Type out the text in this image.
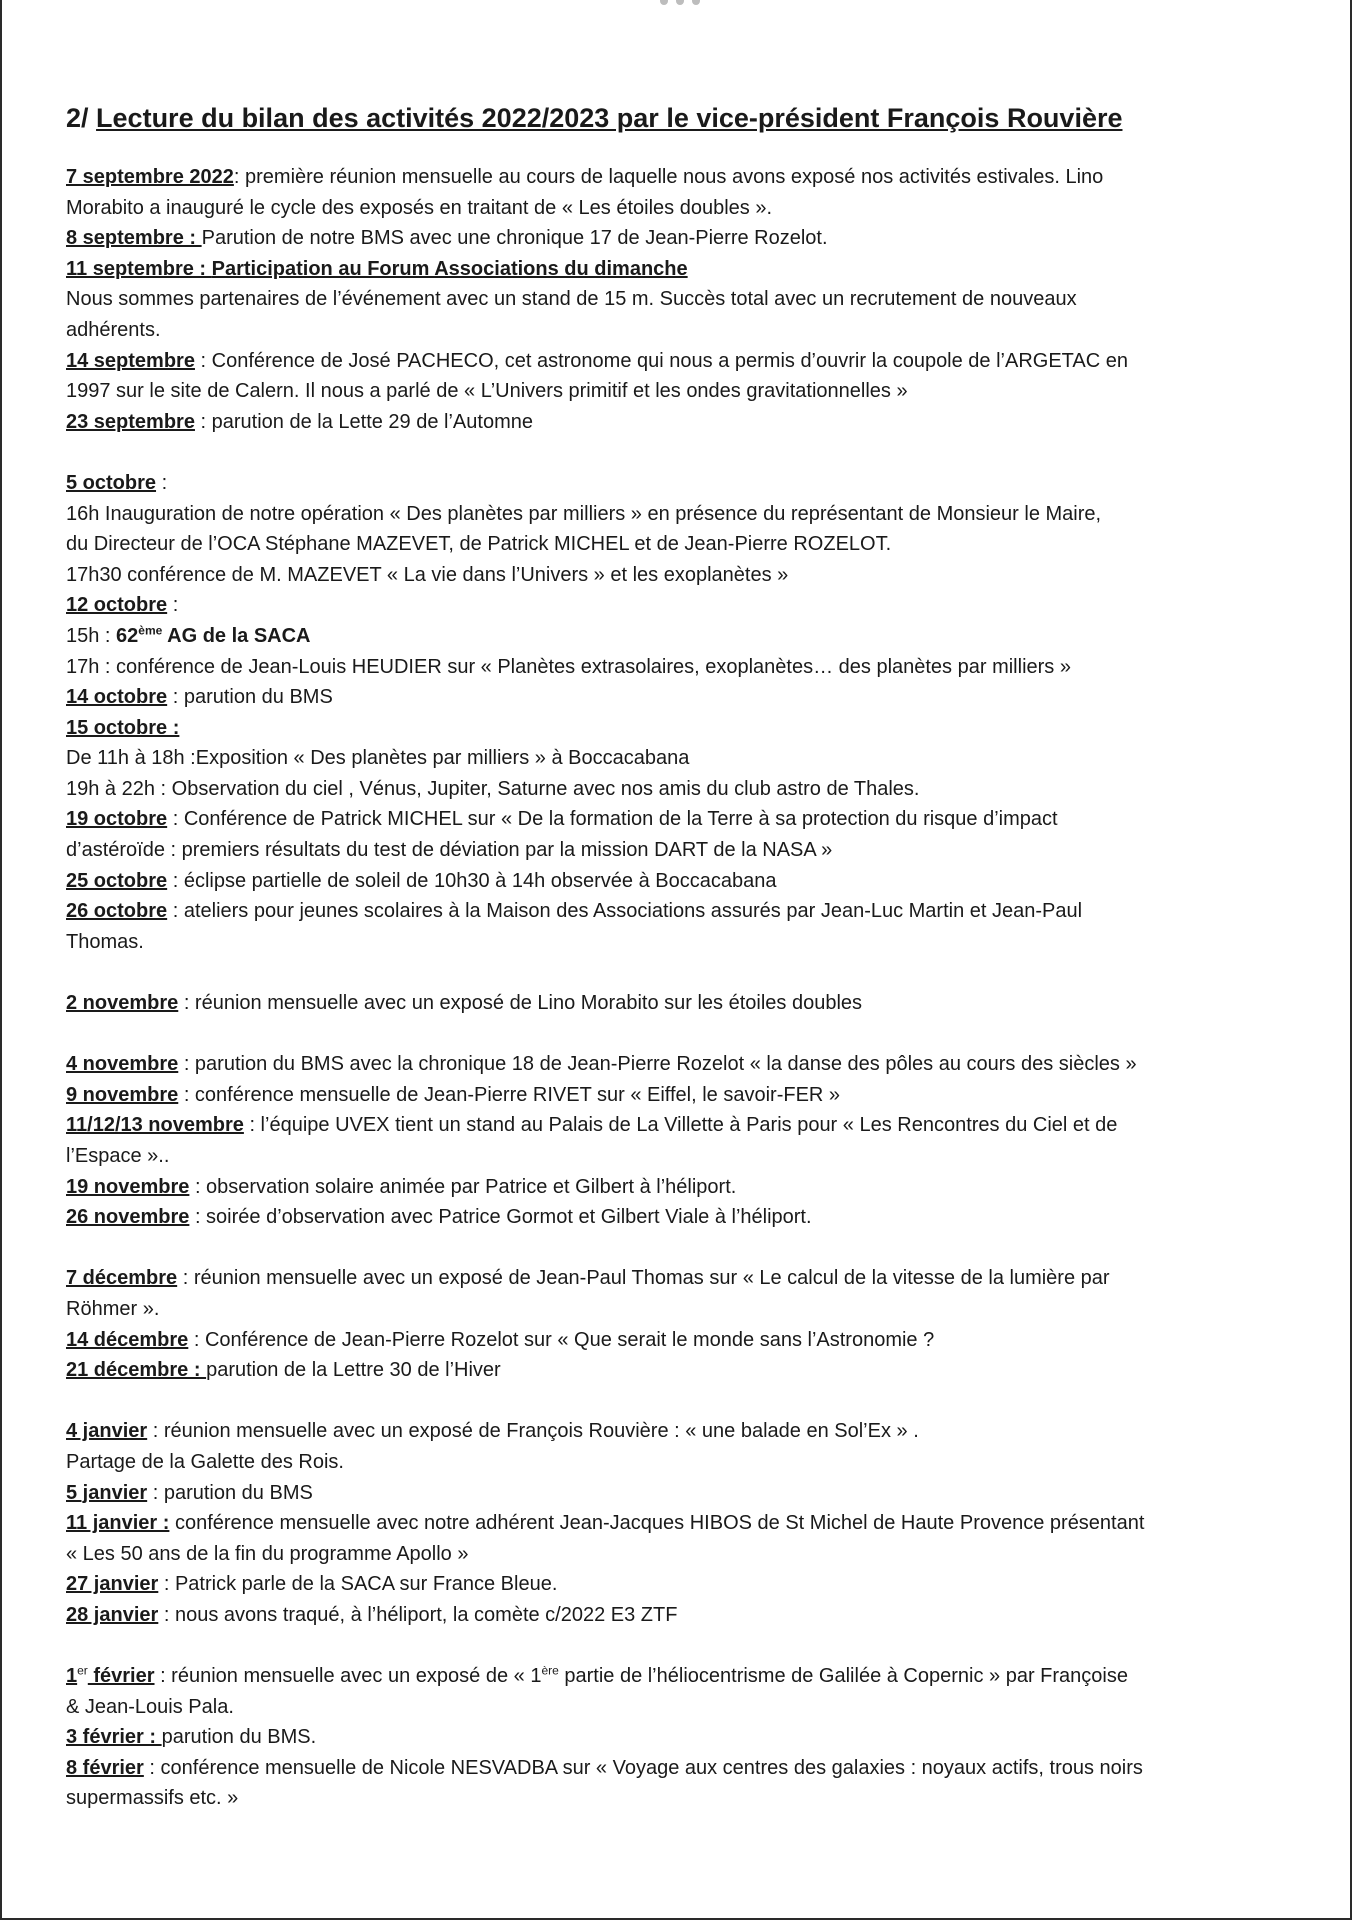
2/ Lecture du bilan des activités 2022/2023 par le vice-président François Rouvière
7 septembre 2022: première réunion mensuelle au cours de laquelle nous avons exposé nos activités estivales. Lino
Morabito a inauguré le cycle des exposés en traitant de « Les étoiles doubles ».
8 septembre : Parution de notre BMS avec une chronique 17 de Jean-Pierre Rozelot.
11 septembre : Participation au Forum Associations du dimanche
Nous sommes partenaires de l’événement avec un stand de 15 m. Succès total avec un recrutement de nouveaux
adhérents.
14 septembre : Conférence de José PACHECO, cet astronome qui nous a permis d’ouvrir la coupole de l’ARGETAC en
1997 sur le site de Calern. Il nous a parlé de « L’Univers primitif et les ondes gravitationnelles »
23 septembre : parution de la Lette 29 de l’Automne
5 octobre :
16h Inauguration de notre opération « Des planètes par milliers » en présence du représentant de Monsieur le Maire,
du Directeur de l’OCA Stéphane MAZEVET, de Patrick MICHEL et de Jean-Pierre ROZELOT.
17h30 conférence de M. MAZEVET « La vie dans l’Univers » et les exoplanètes »
12 octobre :
15h : 62ème AG de la SACA
17h : conférence de Jean-Louis HEUDIER sur « Planètes extrasolaires, exoplanètes… des planètes par milliers »
14 octobre : parution du BMS
15 octobre :
De 11h à 18h :Exposition « Des planètes par milliers » à Boccacabana
19h à 22h : Observation du ciel , Vénus, Jupiter, Saturne avec nos amis du club astro de Thales.
19 octobre : Conférence de Patrick MICHEL sur « De la formation de la Terre à sa protection du risque d’impact
d’astéroïde : premiers résultats du test de déviation par la mission DART de la NASA »
25 octobre : éclipse partielle de soleil de 10h30 à 14h observée à Boccacabana
26 octobre : ateliers pour jeunes scolaires à la Maison des Associations assurés par Jean-Luc Martin et Jean-Paul
Thomas.
2 novembre : réunion mensuelle avec un exposé de Lino Morabito sur les étoiles doubles
4 novembre : parution du BMS avec la chronique 18 de Jean-Pierre Rozelot « la danse des pôles au cours des siècles »
9 novembre : conférence mensuelle de Jean-Pierre RIVET sur « Eiffel, le savoir-FER »
11/12/13 novembre : l’équipe UVEX tient un stand au Palais de La Villette à Paris pour « Les Rencontres du Ciel et de
l’Espace »..
19 novembre : observation solaire animée par Patrice et Gilbert à l’héliport.
26 novembre : soirée d’observation avec Patrice Gormot et Gilbert Viale à l’héliport.
7 décembre : réunion mensuelle avec un exposé de Jean-Paul Thomas sur « Le calcul de la vitesse de la lumière par
Röhmer ».
14 décembre : Conférence de Jean-Pierre Rozelot sur « Que serait le monde sans l’Astronomie ?
21 décembre : parution de la Lettre 30 de l’Hiver
4 janvier : réunion mensuelle avec un exposé de François Rouvière : « une balade en Sol’Ex » .
Partage de la Galette des Rois.
5 janvier : parution du BMS
11 janvier : conférence mensuelle avec notre adhérent Jean-Jacques HIBOS de St Michel de Haute Provence présentant
« Les 50 ans de la fin du programme Apollo »
27 janvier : Patrick parle de la SACA sur France Bleue.
28 janvier : nous avons traqué, à l’héliport, la comète c/2022 E3 ZTF
1er février : réunion mensuelle avec un exposé de « 1ère partie de l’héliocentrisme de Galilée à Copernic » par Françoise
& Jean-Louis Pala.
3 février : parution du BMS.
8 février : conférence mensuelle de Nicole NESVADBA sur « Voyage aux centres des galaxies : noyaux actifs, trous noirs
supermassifs etc. »
